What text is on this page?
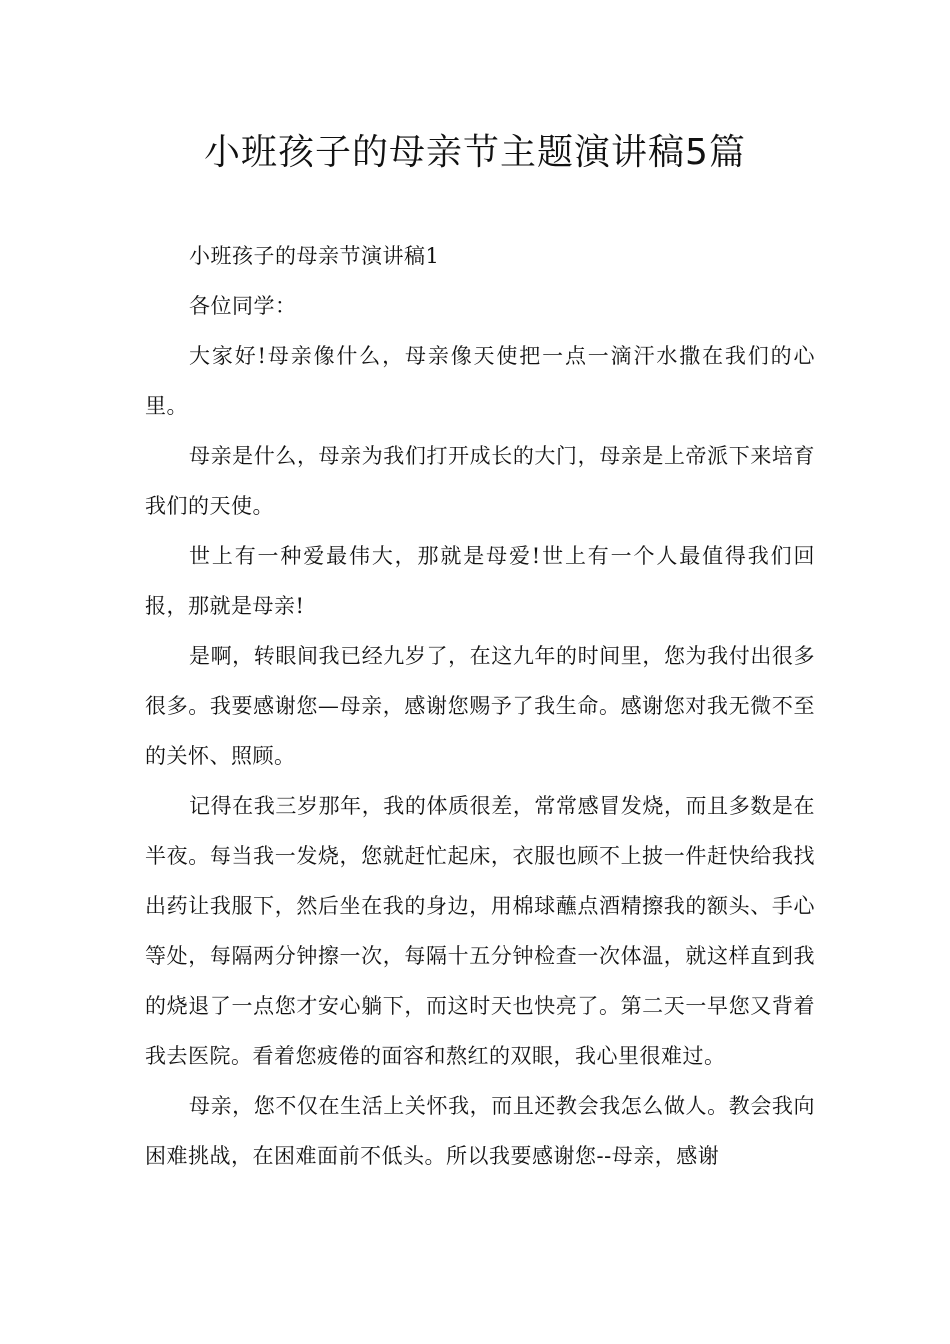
小班孩子的母亲节主题演讲稿5篇

小班孩子的母亲节演讲稿1

各位同学：

大家好!母亲像什么，母亲像天使把一点一滴汗水撒在我们的心里。

母亲是什么，母亲为我们打开成长的大门，母亲是上帝派下来培育我们的天使。

世上有一种爱最伟大，那就是母爱!世上有一个人最值得我们回报，那就是母亲!

是啊，转眼间我已经九岁了，在这九年的时间里，您为我付出很多很多。我要感谢您—母亲，感谢您赐予了我生命。感谢您对我无微不至的关怀、照顾。

记得在我三岁那年，我的体质很差，常常感冒发烧，而且多数是在半夜。每当我一发烧，您就赶忙起床，衣服也顾不上披一件赶快给我找出药让我服下，然后坐在我的身边，用棉球蘸点酒精擦我的额头、手心等处，每隔两分钟擦一次，每隔十五分钟检查一次体温，就这样直到我的烧退了一点您才安心躺下，而这时天也快亮了。第二天一早您又背着我去医院。看着您疲倦的面容和熬红的双眼，我心里很难过。

母亲，您不仅在生活上关怀我，而且还教会我怎么做人。教会我向困难挑战，在困难面前不低头。所以我要感谢您--母亲，感谢
